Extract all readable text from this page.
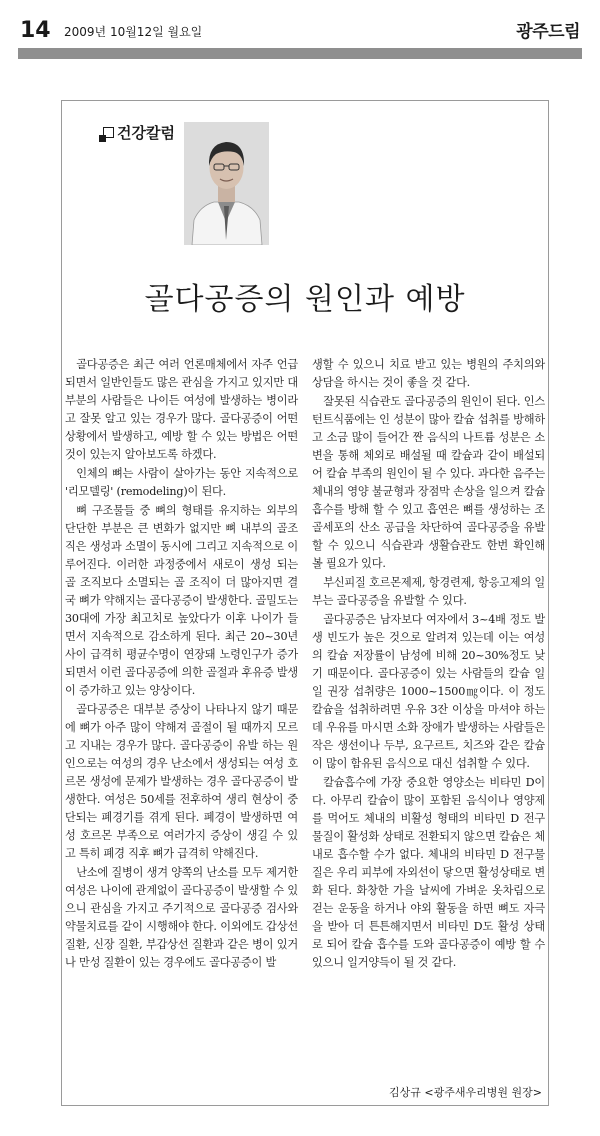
14 2009년 10월12일 월요일	광주드림
건강칼럼
골다공증의 원인과 예방

골다공증은 최근 여러 언론매체에서 자주 언급되면서 일반인들도 많은 관심을 가지고 있지만 대부분의 사람들은 나이든 여성에 발생하는 병이라고 잘못 알고 있는 경우가 많다. 골다공증이 어떤 상황에서 발생하고, 예방 할 수 있는 방법은 어떤 것이 있는지 알아보도록 하겠다.

인체의 뼈는 사람이 살아가는 동안 지속적으로 '리모델링' (remodeling)이 된다.

뼈 구조물들 중 뼈의 형태를 유지하는 외부의 단단한 부분은 큰 변화가 없지만 뼈 내부의 골조직은 생성과 소멸이 동시에 그리고 지속적으로 이루어진다. 이러한 과정중에서 새로이 생성 되는 골 조직보다 소멸되는 골 조직이 더 많아지면 결국 뼈가 약해지는 골다공증이 발생한다. 골밀도는 30대에 가장 최고치로 높았다가 이후 나이가 들면서 지속적으로 감소하게 된다. 최근 20~30년 사이 급격히 평균수명이 연장돼 노령인구가 증가되면서 이런 골다공증에 의한 골절과 후유증 발생이 증가하고 있는 양상이다.

골다공증은 대부분 증상이 나타나지 않기 때문에 뼈가 아주 많이 약해져 골절이 될 때까지 모르고 지내는 경우가 많다. 골다공증이 유발 하는 원인으로는 여성의 경우 난소에서 생성되는 여성 호르몬 생성에 문제가 발생하는 경우 골다공증이 발생한다. 여성은 50세를 전후하여 생리 현상이 중단되는 폐경기를 겪게 된다. 폐경이 발생하면 여성 호르몬 부족으로 여러가지 증상이 생길 수 있고 특히 폐경 직후 뼈가 급격히 약해진다.

난소에 질병이 생겨 양쪽의 난소를 모두 제거한 여성은 나이에 관계없이 골다공증이 발생할 수 있으니 관심을 가지고 주기적으로 골다공증 검사와 약물치료를 같이 시행해야 한다. 이외에도 갑상선 질환, 신장 질환, 부갑상선 질환과 같은 병이 있거나 만성 질환이 있는 경우에도 골다공증이 발

생할 수 있으니 치료 받고 있는 병원의 주치의와 상담을 하시는 것이 좋을 것 같다.

잘못된 식습관도 골다공증의 원인이 된다. 인스턴트식품에는 인 성분이 많아 칼슘 섭취를 방해하고 소금 많이 들어간 짠 음식의 나트륨 성분은 소변을 통해 체외로 배설될 때 칼슘과 같이 배설되어 칼슘 부족의 원인이 될 수 있다. 과다한 음주는 체내의 영양 불균형과 장점막 손상을 일으켜 칼슘 흡수를 방해 할 수 있고 흡연은 뼈를 생성하는 조골세포의 산소 공급을 차단하여 골다공증을 유발 할 수 있으니 식습관과 생활습관도 한번 확인해 볼 필요가 있다.

부신피질 호르몬제제, 항경련제, 항응고제의 일부는 골다공증을 유발할 수 있다.

골다공증은 남자보다 여자에서 3~4배 정도 발생 빈도가 높은 것으로 알려져 있는데 이는 여성의 칼슘 저장률이 남성에 비해 20~30%정도 낮기 때문이다. 골다공증이 있는 사람들의 칼슘 일일 권장 섭취량은 1000~1500㎎이다. 이 정도 칼슘을 섭취하려면 우유 3잔 이상을 마셔야 하는데 우유를 마시면 소화 장애가 발생하는 사람들은 작은 생선이나 두부, 요구르트, 치즈와 같은 칼슘이 많이 함유된 음식으로 대신 섭취할 수 있다.

칼슘흡수에 가장 중요한 영양소는 비타민 D이다. 아무리 칼슘이 많이 포함된 음식이나 영양제를 먹어도 체내의 비활성 형태의 비타민 D 전구물질이 활성화 상태로 전환되지 않으면 칼슘은 체내로 흡수할 수가 없다. 체내의 비타민 D 전구물질은 우리 피부에 자외선이 닿으면 활성상태로 변화 된다. 화창한 가을 날씨에 가벼운 옷차림으로 걷는 운동을 하거나 야외 활동을 하면 뼈도 자극을 받아 더 튼튼해지면서 비타민 D도 활성 상태로 되어 칼슘 흡수를 도와 골다공증이 예방 할 수 있으니 일거양득이 될 것 같다.

김상규 <광주새우리병원 원장>
